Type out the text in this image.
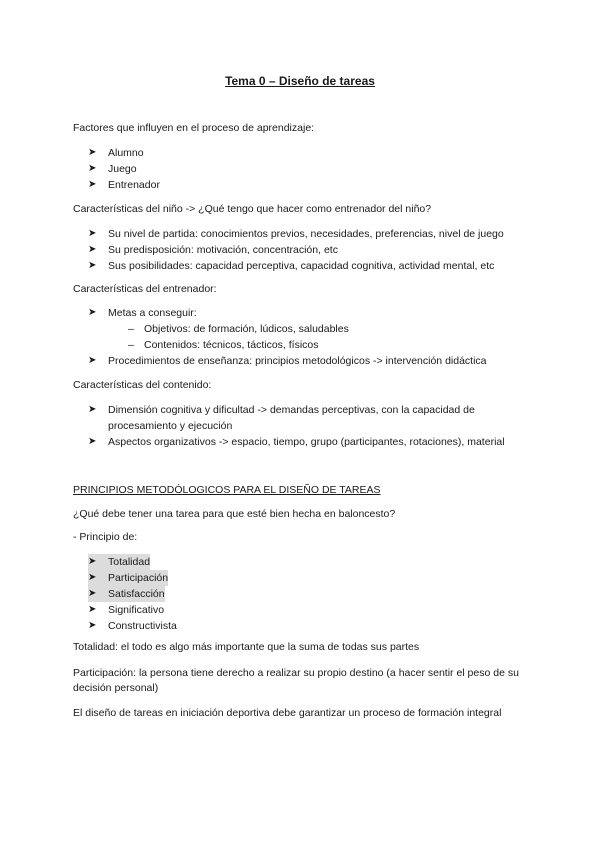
Tema 0 – Diseño de tareas
Factores que influyen en el proceso de aprendizaje:
➤ Alumno
➤ Juego
➤ Entrenador
Características del niño -> ¿Qué tengo que hacer como entrenador del niño?
➤ Su nivel de partida: conocimientos previos, necesidades, preferencias, nivel de juego
➤ Su predisposición: motivación, concentración, etc
➤ Sus posibilidades: capacidad perceptiva, capacidad cognitiva, actividad mental, etc
Características del entrenador:
➤ Metas a conseguir:
– Objetivos: de formación, lúdicos, saludables
– Contenidos: técnicos, tácticos, físicos
➤ Procedimientos de enseñanza: principios metodológicos -> intervención didáctica
Características del contenido:
➤ Dimensión cognitiva y dificultad -> demandas perceptivas, con la capacidad de procesamiento y ejecución
➤ Aspectos organizativos -> espacio, tiempo, grupo (participantes, rotaciones), material
PRINCIPIOS METODÓLOGICOS PARA EL DISEÑO DE TAREAS
¿Qué debe tener una tarea para que esté bien hecha en baloncesto?
- Principio de:
➤ Totalidad
➤ Participación
➤ Satisfacción
➤ Significativo
➤ Constructivista
Totalidad: el todo es algo más importante que la suma de todas sus partes
Participación: la persona tiene derecho a realizar su propio destino (a hacer sentir el peso de su decisión personal)
El diseño de tareas en iniciación deportiva debe garantizar un proceso de formación integral
